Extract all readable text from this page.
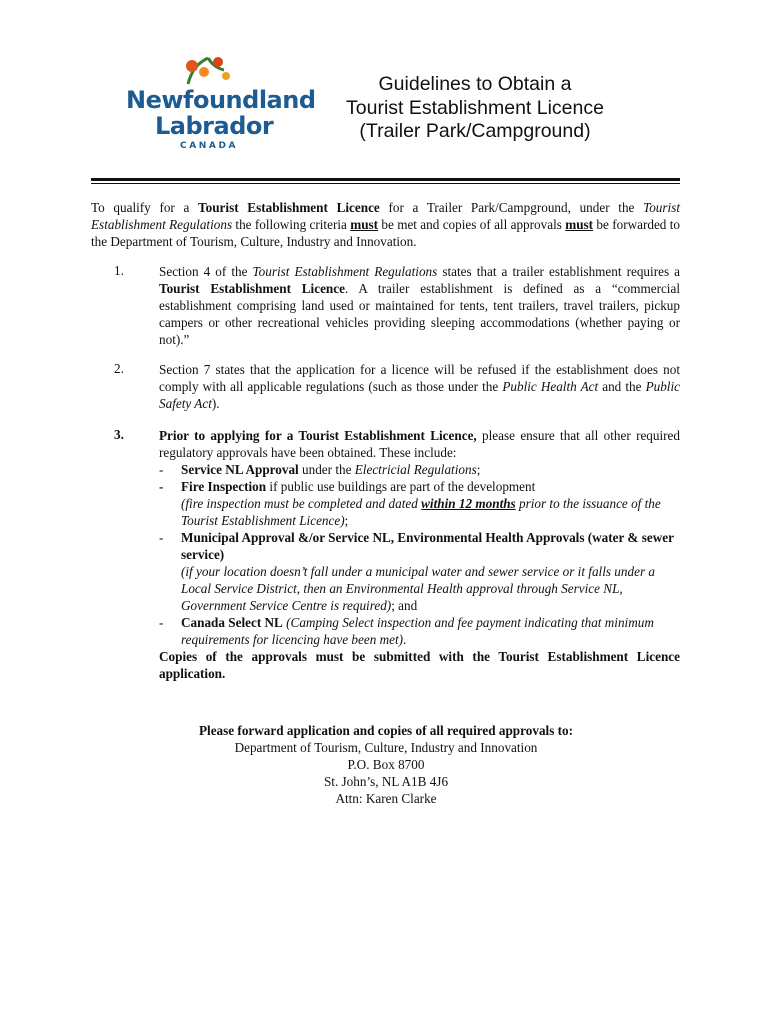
Newfoundland
Labrador
CANADA
Guidelines to Obtain a
Tourist Establishment Licence
(Trailer Park/Campground)
To qualify for a Tourist Establishment Licence for a Trailer Park/Campground, under the Tourist Establishment Regulations the following criteria must be met and copies of all approvals must be forwarded to the Department of Tourism, Culture, Industry and Innovation.
1.	Section 4 of the Tourist Establishment Regulations states that a trailer establishment requires a Tourist Establishment Licence. A trailer establishment is defined as a “commercial establishment comprising land used or maintained for tents, tent trailers, travel trailers, pickup campers or other recreational vehicles providing sleeping accommodations (whether paying or not).”
2.	Section 7 states that the application for a licence will be refused if the establishment does not comply with all applicable regulations (such as those under the Public Health Act and the Public Safety Act).
3.	Prior to applying for a Tourist Establishment Licence, please ensure that all other required regulatory approvals have been obtained. These include:
- Service NL Approval under the Electricial Regulations;
- Fire Inspection if public use buildings are part of the development
(fire inspection must be completed and dated within 12 months prior to the issuance of the Tourist Establishment Licence);
-	Municipal Approval &/or Service NL, Environmental Health Approvals (water & sewer service)
(if your location doesn’t fall under a municipal water and sewer service or it falls under a Local Service District, then an Environmental Health approval through Service NL, Government Service Centre is required); and
-	Canada Select NL (Camping Select inspection and fee payment indicating that minimum requirements for licencing have been met).
Copies of the approvals must be submitted with the Tourist Establishment Licence application.
Please forward application and copies of all required approvals to:
Department of Tourism, Culture, Industry and Innovation
P.O. Box 8700
St. John’s, NL A1B 4J6
Attn: Karen Clarke
